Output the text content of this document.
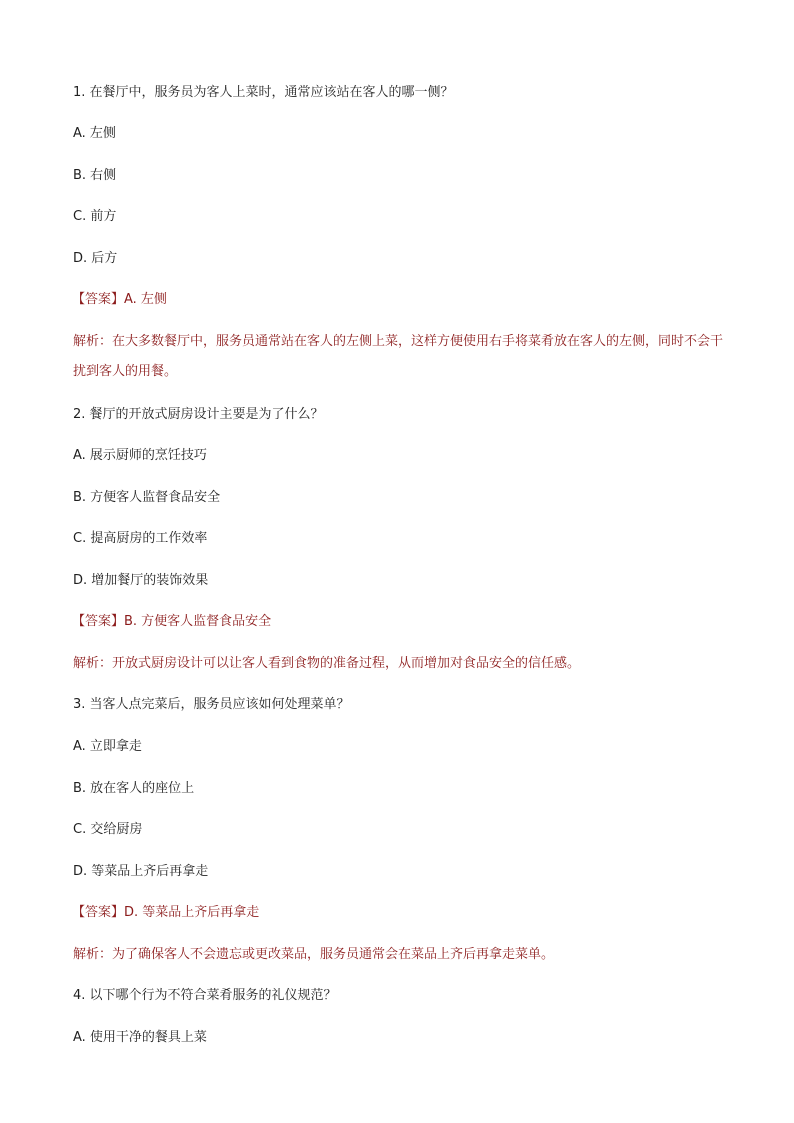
1. 在餐厅中，服务员为客人上菜时，通常应该站在客人的哪一侧？
A. 左侧
B. 右侧
C. 前方
D. 后方
【答案】A. 左侧
解析：在大多数餐厅中，服务员通常站在客人的左侧上菜，这样方便使用右手将菜肴放在客人的左侧，同时不会干扰到客人的用餐。
2. 餐厅的开放式厨房设计主要是为了什么？
A. 展示厨师的烹饪技巧
B. 方便客人监督食品安全
C. 提高厨房的工作效率
D. 增加餐厅的装饰效果
【答案】B. 方便客人监督食品安全
解析：开放式厨房设计可以让客人看到食物的准备过程，从而增加对食品安全的信任感。
3. 当客人点完菜后，服务员应该如何处理菜单？
A. 立即拿走
B. 放在客人的座位上
C. 交给厨房
D. 等菜品上齐后再拿走
【答案】D. 等菜品上齐后再拿走
解析：为了确保客人不会遗忘或更改菜品，服务员通常会在菜品上齐后再拿走菜单。
4. 以下哪个行为不符合菜肴服务的礼仪规范？
A. 使用干净的餐具上菜
